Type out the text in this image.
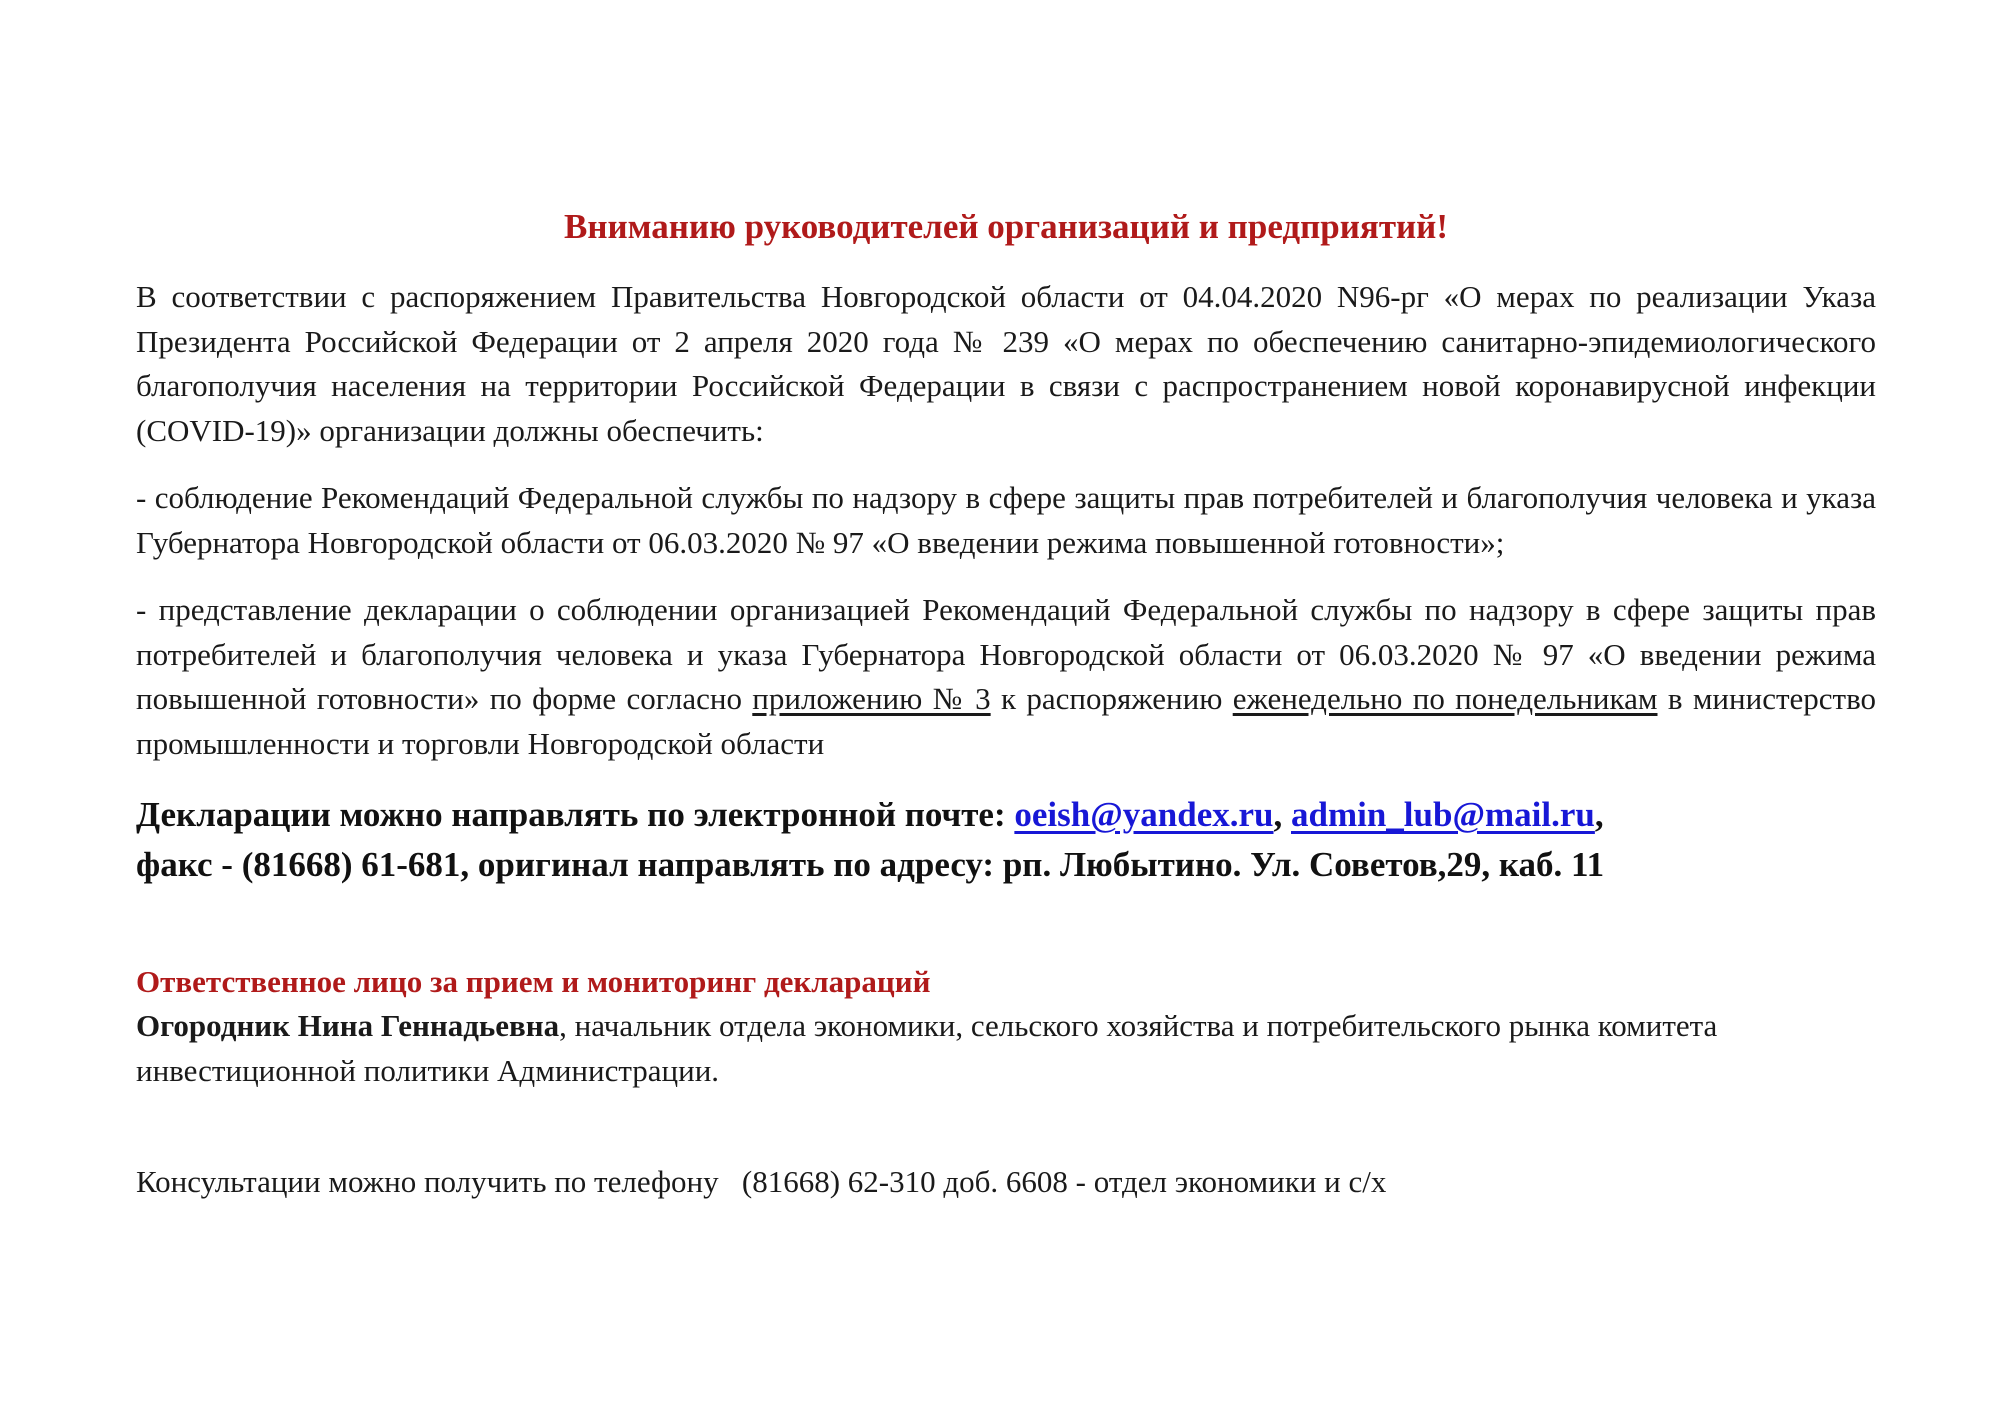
Вниманию руководителей организаций и предприятий!

В соответствии с распоряжением Правительства Новгородской области от 04.04.2020 N96-рг «О мерах по реализации Указа Президента Российской Федерации от 2 апреля 2020 года № 239 «О мерах по обеспечению санитарно-эпидемиологического благополучия населения на территории Российской Федерации в связи с распространением новой коронавирусной инфекции (COVID-19)» организации должны обеспечить:

- соблюдение Рекомендаций Федеральной службы по надзору в сфере защиты прав потребителей и благополучия человека и указа Губернатора Новгородской области от 06.03.2020 № 97 «О введении режима повышенной готовности»;

- представление декларации о соблюдении организацией Рекомендаций Федеральной службы по надзору в сфере защиты прав потребителей и благополучия человека и указа Губернатора Новгородской области от 06.03.2020 № 97 «О введении режима повышенной готовности» по форме согласно приложению № 3 к распоряжению еженедельно по понедельникам в министерство промышленности и торговли Новгородской области

Декларации можно направлять по электронной почте: oeish@yandex.ru, admin_lub@mail.ru,
факс - (81668) 61-681, оригинал направлять по адресу: рп. Любытино. Ул. Советов,29, каб. 11

Ответственное лицо за прием и мониторинг деклараций

Огородник Нина Геннадьевна, начальник отдела экономики, сельского хозяйства и потребительского рынка комитета инвестиционной политики Администрации.

Консультации можно получить по телефону   (81668) 62-310 доб. 6608 - отдел экономики и с/х
